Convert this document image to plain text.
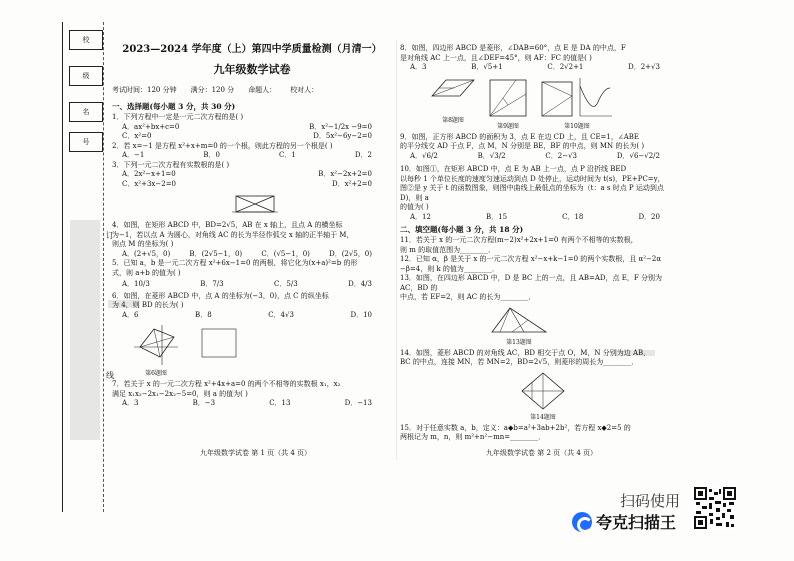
校
级
名
号
订
线
2023—2024 学年度（上）第四中学质量检测（月清一）
九年级数学试卷
考试时间：120 分钟 满分：120 分 命题人： 校对人：
一、选择题(每小题 3 分，共 30 分)
1．下列方程中一定是一元二次方程的是( )
A．ax²+bx+c=0	B．x²−1/2x −9=0
C．x²=0	D．5x²−6y−2=0
2．若 x=−1 是方程 x²+x+m=0 的一个根，则此方程的另一个根是( )
A．−1	B．0	C．1	D．2
3．下列一元二次方程有实数根的是( )
A．2x²−x+1=0	B．x²−2x+2=0
C．x²+3x−2=0	D．x²+2=0
4．如图，在矩形 ABCD 中，BD=2√5，AB 在 x 轴上，且点 A 的横坐标
为−1，若以点 A 为圆心，对角线 AC 的长为半径作弧交 x 轴的正半轴于 M，
则点 M 的坐标为( )
A．(2+√5，0)	B．(2√5−1，0)	C．(√5−1，0)	D．(2√5，0)
5．已知 a，b 是一元二次方程 x²+6x−1=0 的两根，将它化为(x+a)²=b 的形
式，则 a+b 的值为( )
A．10/3	B．7/3	C．5/3	D．4/3
6．如图，在菱形 ABCD 中，点 A 的坐标为(−3，0)，点 C 的纵坐标
为 4，则 BD 的长为( )
A．6	B．8	C．4√3	D．10
第6题图
7．若关于 x 的一元二次方程 x²+4x+a=0 的两个不相等的实数根 x₁，x₂
满足 x₁x₂−2x₁−2x₂−5=0，则 a 的值为( )
A．3	B．−3	C．13	D．−13
九年级数学试卷 第 1 页（共 4 页）
8．如图，四边形 ABCD 是菱形，∠DAB=60°，点 E 是 DA 的中点，F
是对角线 AC 上一点，且∠DEF=45°，则 AF：FC 的值是( )
A．3	B．√5+1	C．2√2+1	D．2+√3
第8题图
第9题图	第10题图
9．如图，正方形 ABCD 的面积为 3，点 E 在边 CD 上，且 CE=1，∠ABE
的平分线交 AD 于点 F，点 M，N 分别是 BE，BF 的中点，则 MN 的长为( )
A．√6/2	B．√3/2	C．2−√3	D．√6−√2/2
10．如图①，在矩形 ABCD 中，点 E 为 AB 上一点，点 P 沿折线 BED
以每秒 1 个单位长度的速度匀速运动到点 D 处停止，运动时间为 t(s)，PE+PC=y，
图②是 y 关于 t 的函数图象，则图中曲线上最低点的坐标为（t：a s 时点 P 运动到点 D)，则 a
的值为( )
A．12	B．15	C．18	D．20
二、填空题(每小题 3 分，共 18 分)
11．若关于 x 的一元二次方程(m−2)x²+2x+1=0 有两个不相等的实数根，
则 m 的取值范围为________．
12．已知 α，β 是关于 x 的一元二次方程 x²−x+k−1=0 的两个实数根，且 α²−2α
−β=4，则 k 的值为________．
13．如图，在四边形 ABCD 中，D 是 BC 上的一点，且 AB=AD，点 E，F 分别为 AC，BD 的
中点，若 EF=2，则 AC 的长为________．
第13题图
14．如图，菱形 ABCD 的对角线 AC，BD 相交于点 O，M，N 分别为边 AB，
BC 的中点，连接 MN，若 MN=2，BD=2√5，则菱形的周长为________．
第14题图
15．对于任意实数 a，b，定义：a◆b=a²+3ab+2b²，若方程 x◆2=5 的
两根记为 m，n，则 m²+n²−mn=________．
九年级数学试卷 第 2 页（共 4 页）
扫码使用
夸克扫描王
